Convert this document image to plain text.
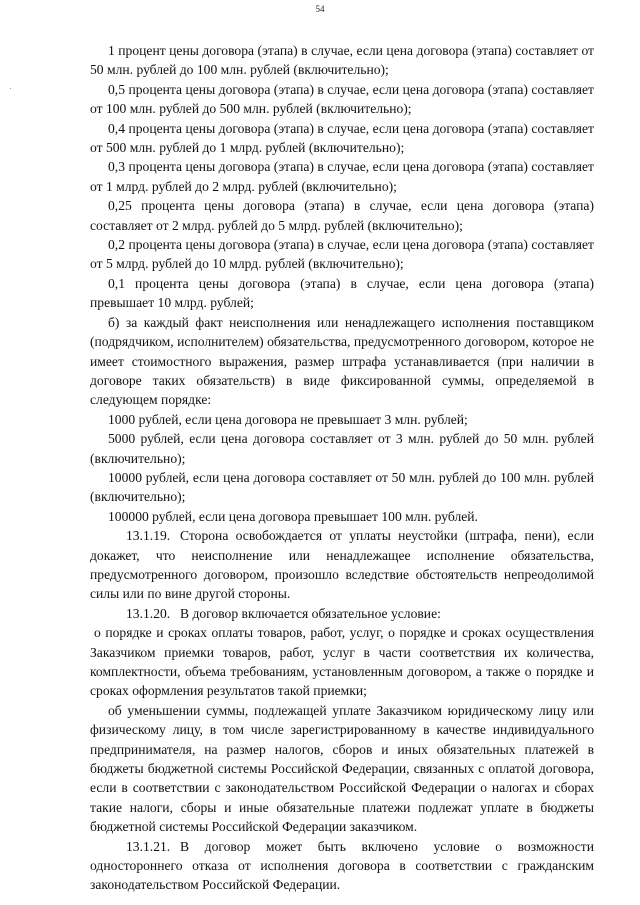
54

1 процент цены договора (этапа) в случае, если цена договора (этапа) составляет от 50 млн. рублей до 100 млн. рублей (включительно);

0,5 процента цены договора (этапа) в случае, если цена договора (этапа) составляет от 100 млн. рублей до 500 млн. рублей (включительно);

0,4 процента цены договора (этапа) в случае, если цена договора (этапа) составляет от 500 млн. рублей до 1 млрд. рублей (включительно);

0,3 процента цены договора (этапа) в случае, если цена договора (этапа) составляет от 1 млрд. рублей до 2 млрд. рублей (включительно);

0,25 процента цены договора (этапа) в случае, если цена договора (этапа) составляет от 2 млрд. рублей до 5 млрд. рублей (включительно);

0,2 процента цены договора (этапа) в случае, если цена договора (этапа) составляет от 5 млрд. рублей до 10 млрд. рублей (включительно);

0,1 процента цены договора (этапа) в случае, если цена договора (этапа) превышает 10 млрд. рублей;

б) за каждый факт неисполнения или ненадлежащего исполнения поставщиком (подрядчиком, исполнителем) обязательства, предусмотренного договором, которое не имеет стоимостного выражения, размер штрафа устанавливается (при наличии в договоре таких обязательств) в виде фиксированной суммы, определяемой в следующем порядке:

1000 рублей, если цена договора не превышает 3 млн. рублей;

5000 рублей, если цена договора составляет от 3 млн. рублей до 50 млн. рублей (включительно);

10000 рублей, если цена договора составляет от 50 млн. рублей до 100 млн. рублей (включительно);

100000 рублей, если цена договора превышает 100 млн. рублей.

13.1.19. Сторона освобождается от уплаты неустойки (штрафа, пени), если докажет, что неисполнение или ненадлежащее исполнение обязательства, предусмотренного договором, произошло вследствие обстоятельств непреодолимой силы или по вине другой стороны.

13.1.20. В договор включается обязательное условие:

о порядке и сроках оплаты товаров, работ, услуг, о порядке и сроках осуществления Заказчиком приемки товаров, работ, услуг в части соответствия их количества, комплектности, объема требованиям, установленным договором, а также о порядке и сроках оформления результатов такой приемки;

об уменьшении суммы, подлежащей уплате Заказчиком юридическому лицу или физическому лицу, в том числе зарегистрированному в качестве индивидуального предпринимателя, на размер налогов, сборов и иных обязательных платежей в бюджеты бюджетной системы Российской Федерации, связанных с оплатой договора, если в соответствии с законодательством Российской Федерации о налогах и сборах такие налоги, сборы и иные обязательные платежи подлежат уплате в бюджеты бюджетной системы Российской Федерации заказчиком.

13.1.21. В договор может быть включено условие о возможности одностороннего отказа от исполнения договора в соответствии с гражданским законодательством Российской Федерации.
